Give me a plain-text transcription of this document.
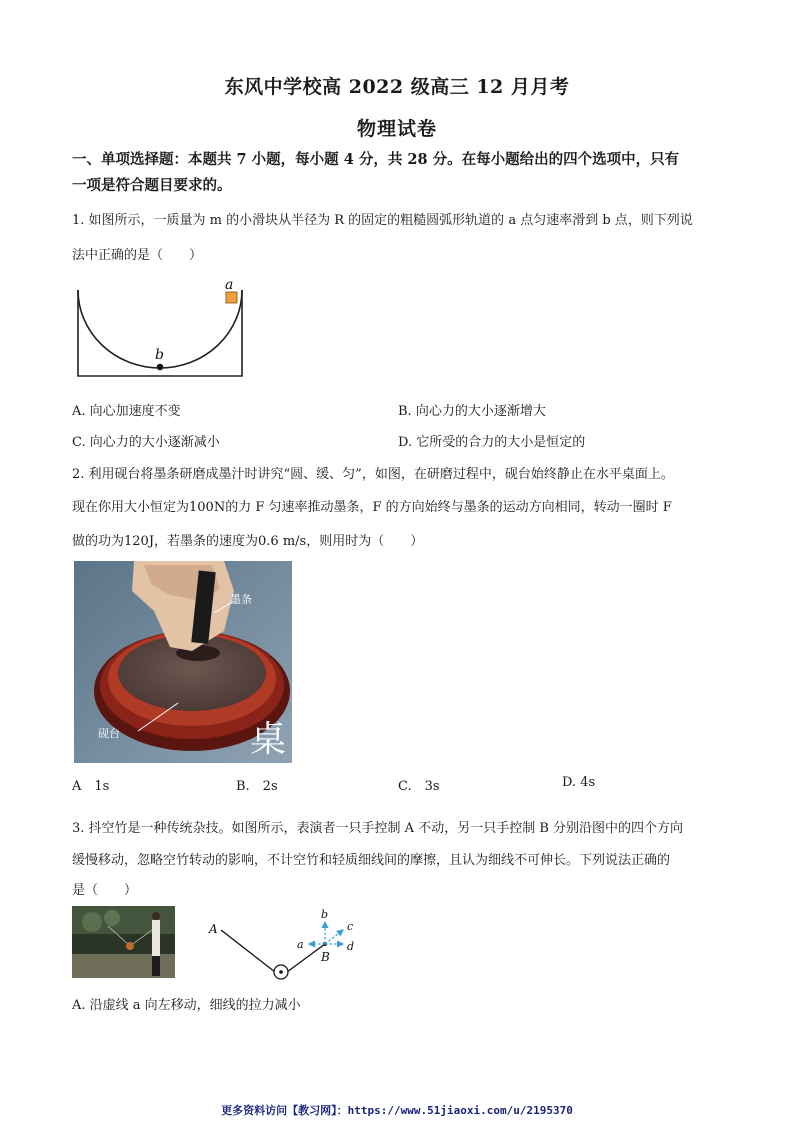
东风中学校高 2022 级高三 12 月月考
物理试卷
一、单项选择题：本题共 7 小题，每小题 4 分，共 28 分。在每小题给出的四个选项中，只有
一项是符合题目要求的。
1. 如图所示，一质量为 m 的小滑块从半径为 R 的固定的粗糙圆弧形轨道的 a 点匀速率滑到 b 点，则下列说
法中正确的是（　　）
a
b
A. 向心加速度不变	B. 向心力的大小逐渐增大
C. 向心力的大小逐渐减小	D. 它所受的合力的大小是恒定的
2. 利用砚台将墨条研磨成墨汁时讲究“圆、缓、匀”，如图，在研磨过程中，砚台始终静止在水平桌面上。
现在你用大小恒定为100N的力 F 匀速率推动墨条，F 的方向始终与墨条的运动方向相同，转动一圈时 F
做的功为120J，若墨条的速度为0.6 m/s，则用时为（　　）
墨条
砚台	桌
A　1s	B.　2s	C.　3s	D. 4s
3. 抖空竹是一种传统杂技。如图所示，表演者一只手控制 A 不动，另一只手控制 B 分别沿图中的四个方向
缓慢移动，忽略空竹转动的影响，不计空竹和轻质细线间的摩擦，且认为细线不可伸长。下列说法正确的
是（　　）
A
B
a
b
c
d
A. 沿虚线 a 向左移动，细线的拉力减小
更多资料访问【教习网】：https://www.51jiaoxi.com/u/2195370
